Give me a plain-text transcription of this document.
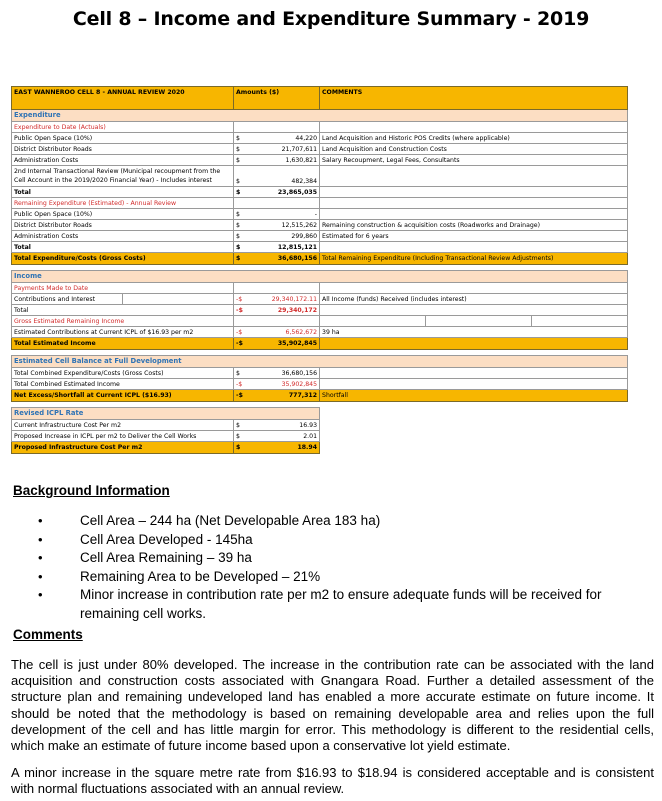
Cell 8 – Income and Expenditure Summary - 2019
EAST WANNEROO CELL 8 - ANNUAL REVIEW 2020		Amounts ($)	COMMENTS		
Expenditure					
Expenditure to Date (Actuals)					
Public Open Space (10%)		$ 44,220	Land Acquisition and Historic POS Credits (where applicable)		
District Distributor Roads		$ 21,707,611	Land Acquisition and Construction Costs		
Administration Costs		$ 1,630,821	Salary Recoupment, Legal Fees, Consultants		
2nd Internal Transactional Review (Municipal recoupment from the Cell Account in the 2019/2020 Financial Year) - Includes interest		$ 482,384			

Total		$ 23,865,035			

Remaining Expenditure (Estimated) - Annual Review					
Public Open Space (10%)		$ -			

District Distributor Roads		$ 12,515,262	Remaining construction & acquisition costs (Roadworks and Drainage)		
Administration Costs		$ 299,860	Estimated for 6 years		
Total		$ 12,815,121			

Total Expenditure/Costs (Gross Costs)		$ 36,680,156	Total Remaining Expenditure (Including Transactional Review Adjustments)		

Income					
Payments Made to Date					
Contributions and Interest		-$ 29,340,172.11	All Income (funds) Received (includes interest)		
Total		-$ 29,340,172			

Gross Estimated Remaining Income					
Estimated Contributions at Current ICPL of $16.93 per m2		-$ 6,562,672	39 ha		
Total Estimated Income		-$ 35,902,845			

Estimated Cell Balance at Full Development					
Total Combined Expenditure/Costs (Gross Costs)		$ 36,680,156			

Total Combined Estimated Income		-$ 35,902,845			

Net Excess/Shortfall at Current ICPL ($16.93)		-$ 777,312	Shortfall		

Revised ICPL Rate					
Current Infrastructure Cost Per m2		$ 16.93			

Proposed Increase in ICPL per m2 to Deliver the Cell Works		$ 2.01			

Proposed Infrastructure Cost Per m2		$ 18.94			

Background Information
• Cell Area – 244 ha (Net Developable Area 183 ha)
• Cell Area Developed - 145ha
• Cell Area Remaining – 39 ha
• Remaining Area to be Developed – 21%
• Minor increase in contribution rate per m2 to ensure adequate funds will be received for remaining cell works.
Comments

The cell is just under 80% developed. The increase in the contribution rate can be associated with the land acquisition and construction costs associated with Gnangara Road. Further a detailed assessment of the structure plan and remaining undeveloped land has enabled a more accurate estimate on future income. It should be noted that the methodology is based on remaining developable area and relies upon the full development of the cell and has little margin for error. This methodology is different to the residential cells, which make an estimate of future income based upon a conservative lot yield estimate.

A minor increase in the square metre rate from $16.93 to $18.94 is considered acceptable and is consistent with normal fluctuations associated with an annual review.
